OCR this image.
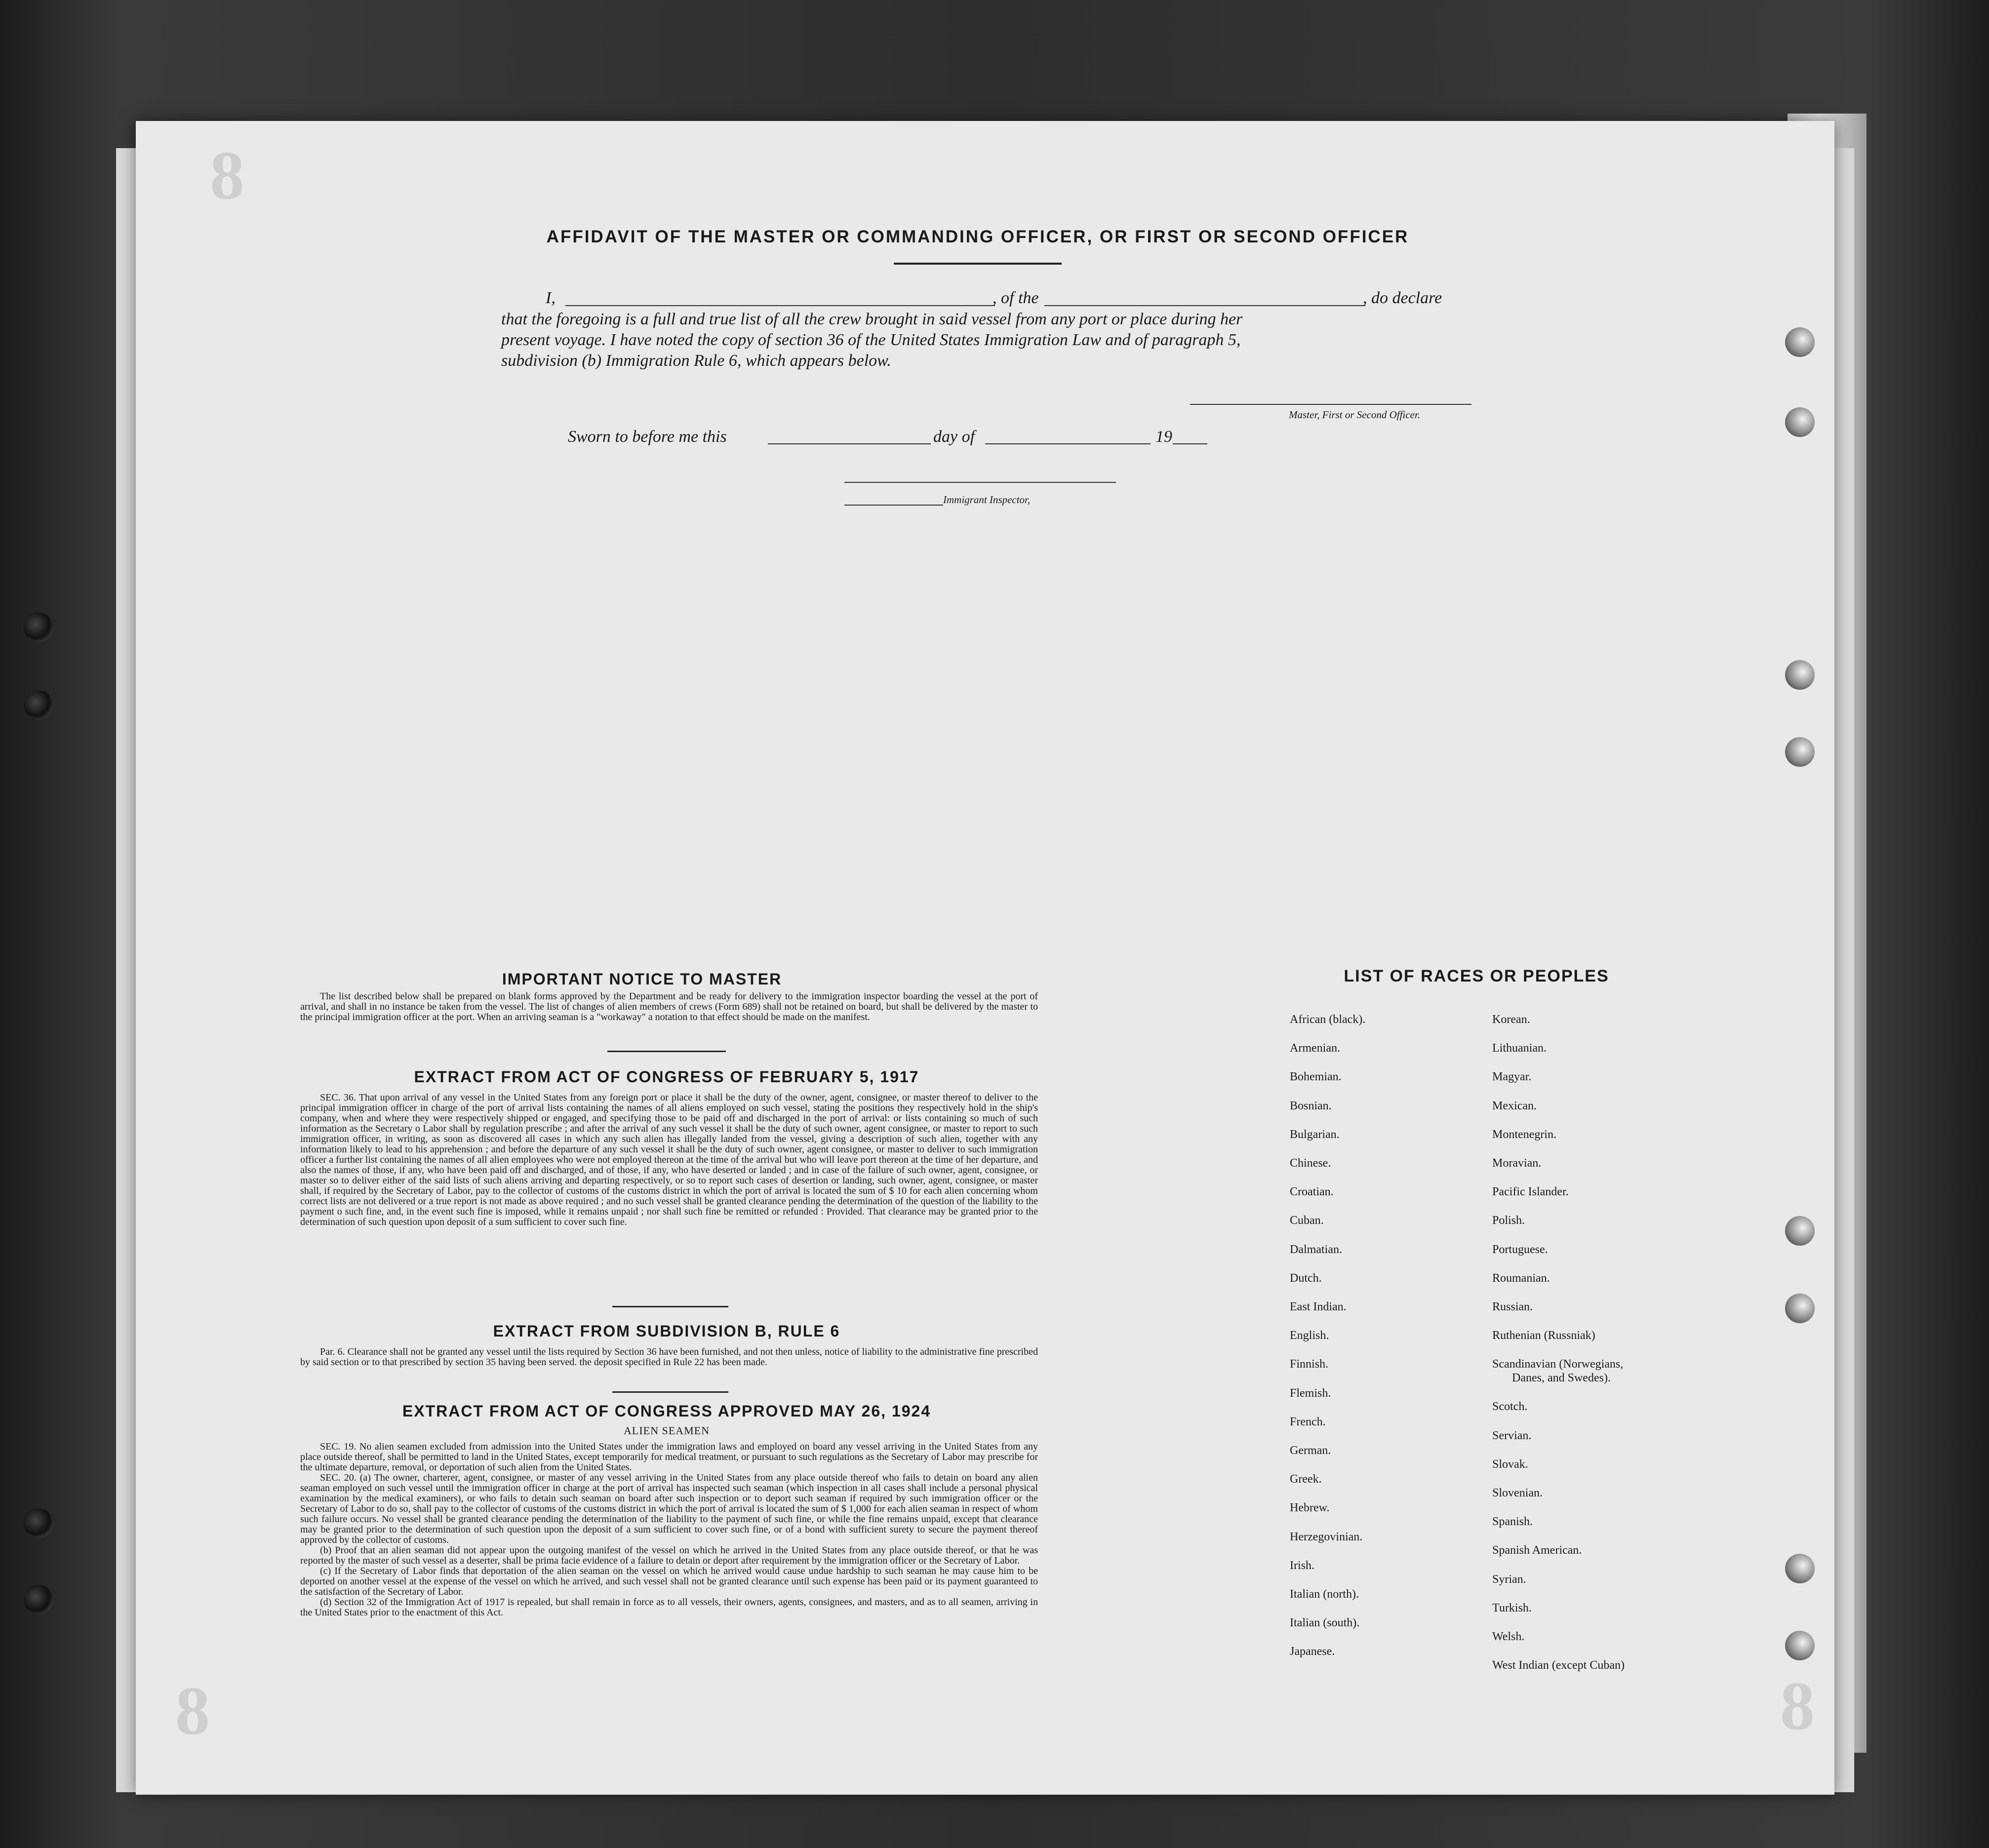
8
8	8
AFFIDAVIT OF THE MASTER OR COMMANDING OFFICER, OR FIRST OR SECOND OFFICER
I,	, of the	, do declare
that the foregoing is a full and true list of all the crew brought in said vessel from any port or place during her
present voyage. I have noted the copy of section 36 of the United States Immigration Law and of paragraph 5,
subdivision (b) Immigration Rule 6, which appears below.
Master, First or Second Officer.
Sworn to before me this	day of	19
Immigrant Inspector,
IMPORTANT NOTICE TO MASTER

The list described below shall be prepared on blank forms approved by the Department and be ready for delivery to the immigration inspector boarding the vessel at the port of arrival, and shall in no instance be taken from the vessel. The list of changes of alien members of crews (Form 689) shall not be retained on board, but shall be delivered by the master to the principal immigration officer at the port. When an arriving seaman is a "workaway" a notation to that effect should be made on the manifest.

EXTRACT FROM ACT OF CONGRESS OF FEBRUARY 5, 1917

SEC. 36. That upon arrival of any vessel in the United States from any foreign port or place it shall be the duty of the owner, agent, consignee, or master thereof to deliver to the principal immigration officer in charge of the port of arrival lists containing the names of all aliens employed on such vessel, stating the positions they respectively hold in the ship's company, when and where they were respectively shipped or engaged, and specifying those to be paid off and discharged in the port of arrival: or lists containing so much of such information as the Secretary o Labor shall by regulation prescribe ; and after the arrival of any such vessel it shall be the duty of such owner, agent consignee, or master to report to such immigration officer, in writing, as soon as discovered all cases in which any such alien has illegally landed from the vessel, giving a description of such alien, together with any information likely to lead to his apprehension ; and before the departure of any such vessel it shall be the duty of such owner, agent consignee, or master to deliver to such immigration officer a further list containing the names of all alien employees who were not employed thereon at the time of the arrival but who will leave port thereon at the time of her departure, and also the names of those, if any, who have been paid off and discharged, and of those, if any, who have deserted or landed ; and in case of the failure of such owner, agent, consignee, or master so to deliver either of the said lists of such aliens arriving and departing respectively, or so to report such cases of desertion or landing, such owner, agent, consignee, or master shall, if required by the Secretary of Labor, pay to the collector of customs of the customs district in which the port of arrival is located the sum of $ 10 for each alien concerning whom correct lists are not delivered or a true report is not made as above required ; and no such vessel shall be granted clearance pending the determination of the question of the liability to the payment o such fine, and, in the event such fine is imposed, while it remains unpaid ; nor shall such fine be remitted or refunded : Provided. That clearance may be granted prior to the determination of such question upon deposit of a sum sufficient to cover such fine.

EXTRACT FROM SUBDIVISION B, RULE 6

Par. 6. Clearance shall not be granted any vessel until the lists required by Section 36 have been furnished, and not then unless, notice of liability to the administrative fine prescribed by said section or to that prescribed by section 35 having been served. the deposit specified in Rule 22 has been made.

EXTRACT FROM ACT OF CONGRESS APPROVED MAY 26, 1924
ALIEN SEAMEN

SEC. 19. No alien seamen excluded from admission into the United States under the immigration laws and employed on board any vessel arriving in the United States from any place outside thereof, shall be permitted to land in the United States, except temporarily for medical treatment, or pursuant to such regulations as the Secretary of Labor may prescribe for the ultimate departure, removal, or deportation of such alien from the United States.

SEC. 20. (a) The owner, charterer, agent, consignee, or master of any vessel arriving in the United States from any place outside thereof who fails to detain on board any alien seaman employed on such vessel until the immigration officer in charge at the port of arrival has inspected such seaman (which inspection in all cases shall include a personal physical examination by the medical examiners), or who fails to detain such seaman on board after such inspection or to deport such seaman if required by such immigration officer or the Secretary of Labor to do so, shall pay to the collector of customs of the customs district in which the port of arrival is located the sum of $ 1,000 for each alien seaman in respect of whom such failure occurs. No vessel shall be granted clearance pending the determination of the liability to the payment of such fine, or while the fine remains unpaid, except that clearance may be granted prior to the determination of such question upon the deposit of a sum sufficient to cover such fine, or of a bond with sufficient surety to secure the payment thereof approved by the collector of customs.

(b) Proof that an alien seaman did not appear upon the outgoing manifest of the vessel on which he arrived in the United States from any place outside thereof, or that he was reported by the master of such vessel as a deserter, shall be prima facie evidence of a failure to detain or deport after requirement by the immigration officer or the Secretary of Labor.

(c) If the Secretary of Labor finds that deportation of the alien seaman on the vessel on which he arrived would cause undue hardship to such seaman he may cause him to be deported on another vessel at the expense of the vessel on which he arrived, and such vessel shall not be granted clearance until such expense has been paid or its payment guaranteed to the satisfaction of the Secretary of Labor.

(d) Section 32 of the Immigration Act of 1917 is repealed, but shall remain in force as to all vessels, their owners, agents, consignees, and masters, and as to all seamen, arriving in the United States prior to the enactment of this Act.

LIST OF RACES OR PEOPLES
African (black).
Armenian.
Bohemian.
Bosnian.
Bulgarian.
Chinese.
Croatian.
Cuban.
Dalmatian.
Dutch.
East Indian.
English.
Finnish.
Flemish.
French.
German.
Greek.
Hebrew.
Herzegovinian.
Irish.
Italian (north).
Italian (south).
Japanese.
Korean.
Lithuanian.
Magyar.
Mexican.
Montenegrin.
Moravian.
Pacific Islander.
Polish.
Portuguese.
Roumanian.
Russian.
Ruthenian (Russniak)
Scandinavian (Norwegians,
Danes, and Swedes).
Scotch.
Servian.
Slovak.
Slovenian.
Spanish.
Spanish American.
Syrian.
Turkish.
Welsh.
West Indian (except Cuban)
